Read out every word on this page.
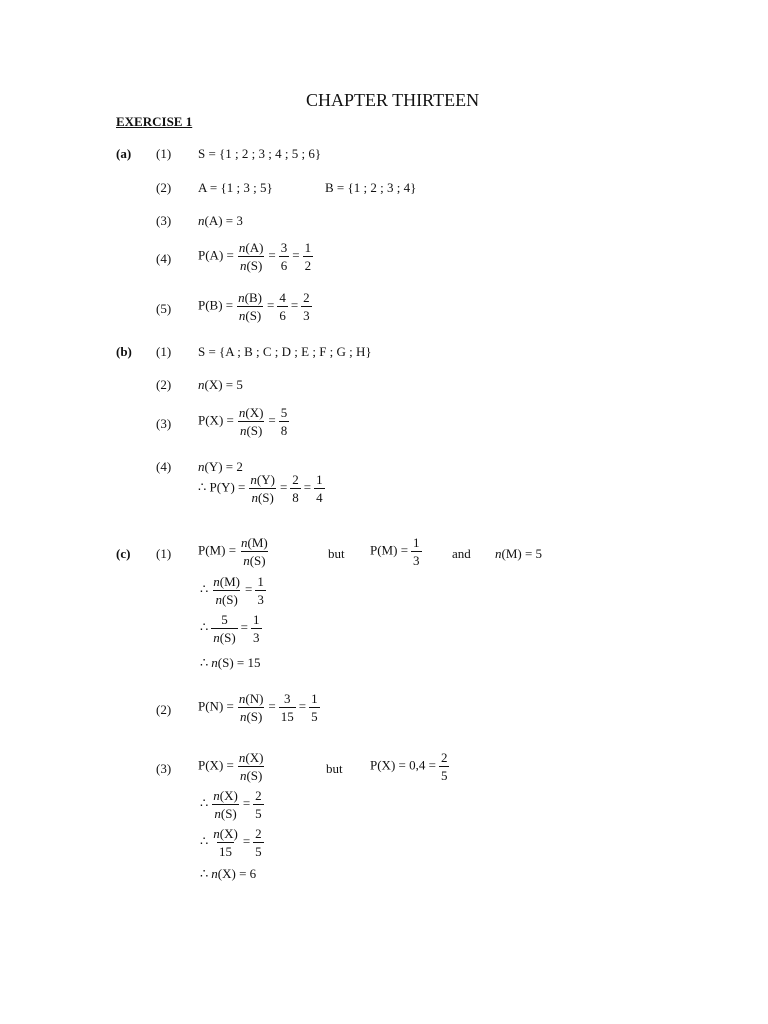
CHAPTER THIRTEEN
EXERCISE 1
(a) (1) S = {1 ; 2 ; 3 ; 4 ; 5 ; 6}
(2) A = {1 ; 3 ; 5}	B = {1 ; 2 ; 3 ; 4}
(3) n(A) = 3
(4) $P(A) = \frac{n(A)}{n(S)} = \frac{3}{6} = \frac{1}{2}$
(5) $P(B) = \frac{n(B)}{n(S)} = \frac{4}{6} = \frac{2}{3}$
(b) (1) S = {A ; B ; C ; D ; E ; F ; G ; H}
(2) n(X) = 5
(3) $P(X) = \frac{n(X)}{n(S)} = \frac{5}{8}$
(4) n(Y) = 2
∴ $P(Y) = \frac{n(Y)}{n(S)} = \frac{2}{8} = \frac{1}{4}$
(c) (1) $P(M) = \frac{n(M)}{n(S)}$	but $P(M) = \frac{1}{3}$ and n(M) = 5
∴ $\frac{n(M)}{n(S)} = \frac{1}{3}$
∴ $\frac{5}{n(S)} = \frac{1}{3}$
∴ n(S) = 15
(2) $P(N) = \frac{n(N)}{n(S)} = \frac{3}{15} = \frac{1}{5}$
(3) $P(X) = \frac{n(X)}{n(S)}$	but $P(X) = 0,4 = \frac{2}{5}$
∴ $\frac{n(X)}{n(S)} = \frac{2}{5}$
∴ $\frac{n(X)}{15} = \frac{2}{5}$
∴ n(X) = 6
